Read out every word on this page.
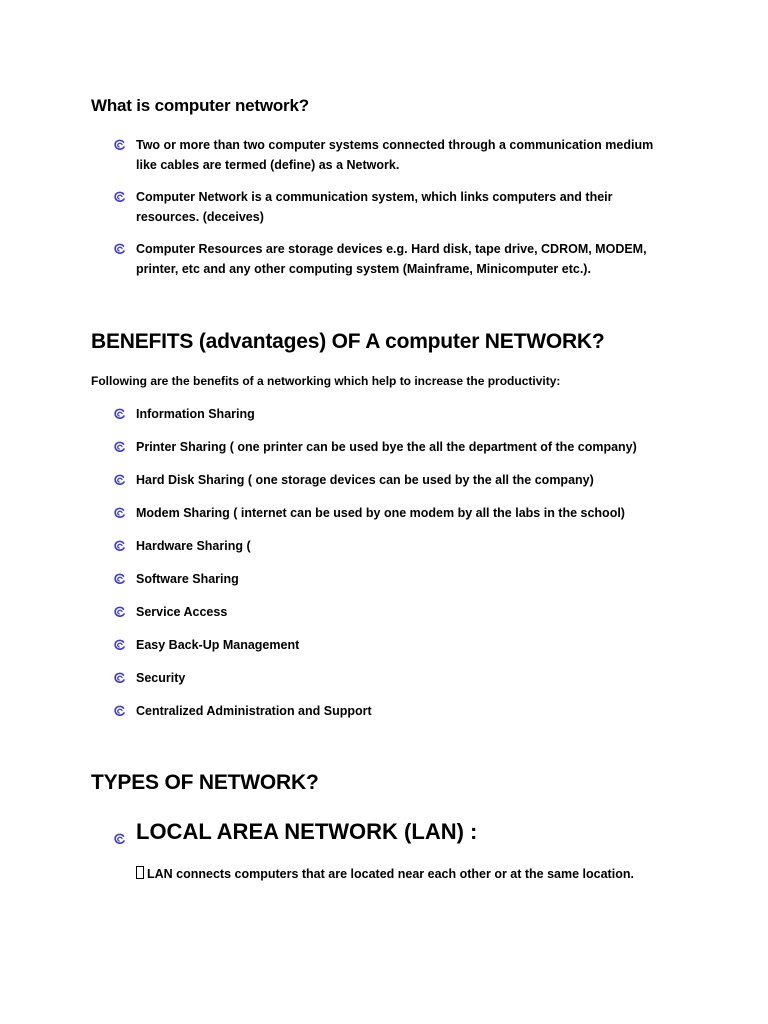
What is computer network?
Two or more than two computer systems connected through a communication medium like cables are termed (define) as a Network.
Computer Network is a communication system, which links computers and their resources. (deceives)
Computer Resources are storage devices e.g. Hard disk, tape drive, CDROM, MODEM, printer, etc and any other computing system (Mainframe, Minicomputer etc.).
BENEFITS (advantages) OF A computer NETWORK?

Following are the benefits of a networking which help to increase the productivity:

Information Sharing
Printer Sharing ( one printer can be used bye the all the department of the company)
Hard Disk Sharing ( one storage devices can be used by the all the company)
Modem Sharing ( internet can be used by one modem by all the labs in the school)
Hardware Sharing (
Software Sharing
Service Access
Easy Back-Up Management
Security
Centralized Administration and Support
TYPES OF NETWORK?
LOCAL AREA NETWORK (LAN) :

LAN connects computers that are located near each other or at the same location.
